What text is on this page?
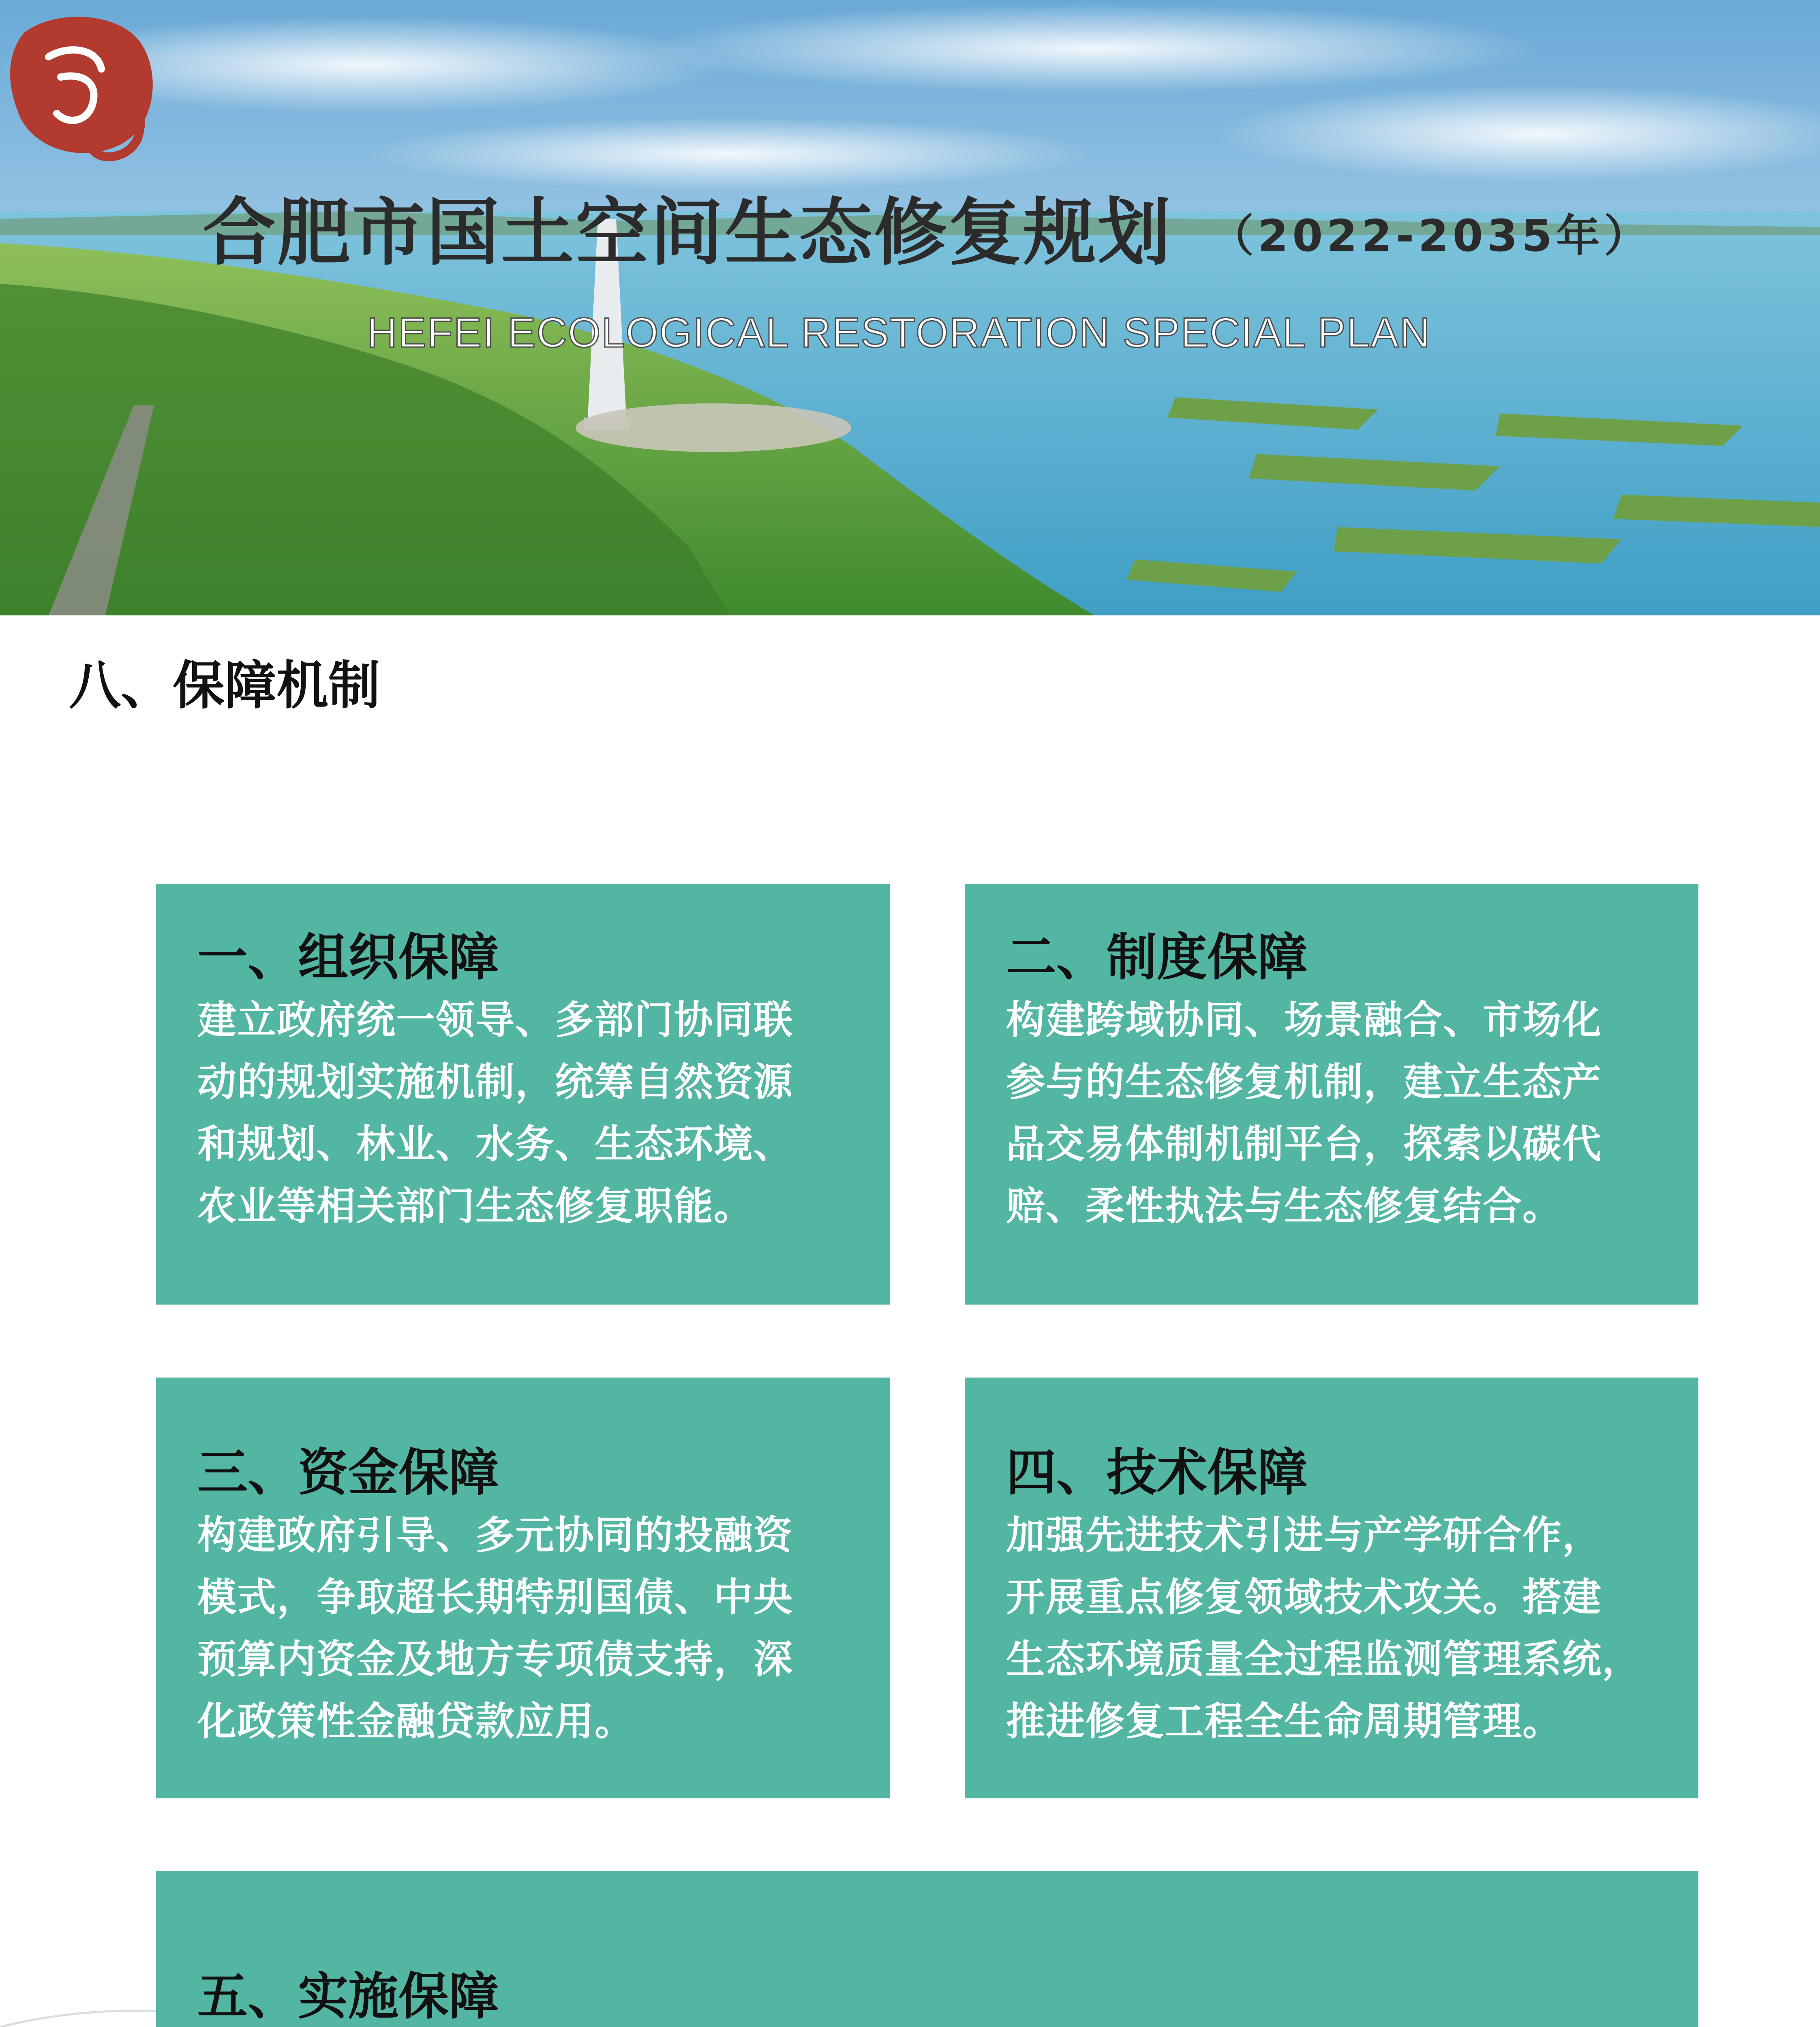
合肥市国土空间生态修复规划 （2022-2035年）
HEFEI ECOLOGICAL RESTORATION SPECIAL PLAN
八、保障机制
一、组织保障
建立政府统一领导、多部门协同联
动的规划实施机制，统筹自然资源
和规划、林业、水务、生态环境、
农业等相关部门生态修复职能。
二、制度保障
构建跨域协同、场景融合、市场化
参与的生态修复机制，建立生态产
品交易体制机制平台，探索以碳代
赔、柔性执法与生态修复结合。
三、资金保障
构建政府引导、多元协同的投融资
模式，争取超长期特别国债、中央
预算内资金及地方专项债支持，深
化政策性金融贷款应用。
四、技术保障
加强先进技术引进与产学研合作，
开展重点修复领域技术攻关。搭建
生态环境质量全过程监测管理系统，
推进修复工程全生命周期管理。
五、实施保障
